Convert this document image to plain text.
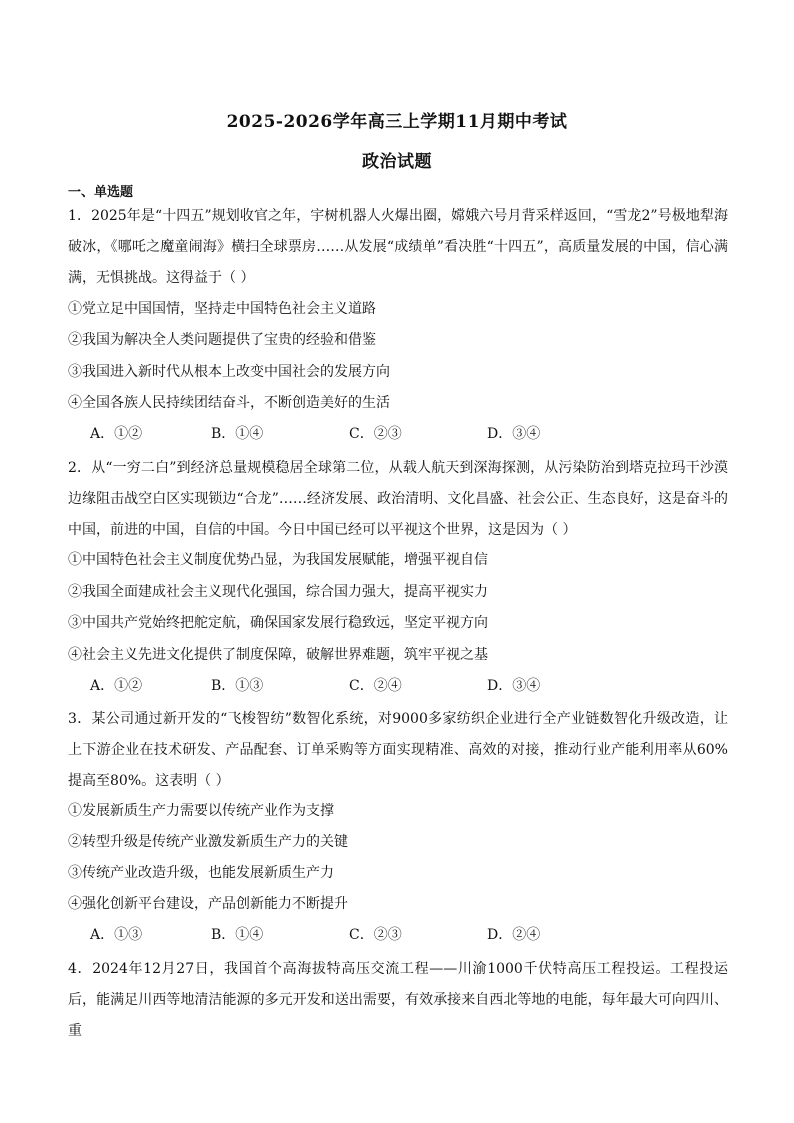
2025-2026学年高三上学期11月期中考试
政治试题
一、单选题
1．2025年是“十四五”规划收官之年，宇树机器人火爆出圈，嫦娥六号月背采样返回，“雪龙2”号极地犁海破冰，《哪吒之魔童闹海》横扫全球票房……从发展“成绩单”看决胜“十四五”，高质量发展的中国，信心满满，无惧挑战。这得益于（ ）
①党立足中国国情，坚持走中国特色社会主义道路
②我国为解决全人类问题提供了宝贵的经验和借鉴
③我国进入新时代从根本上改变中国社会的发展方向
④全国各族人民持续团结奋斗，不断创造美好的生活
A．①②	B．①④	C．②③	D．③④
2．从“一穷二白”到经济总量规模稳居全球第二位，从载人航天到深海探测，从污染防治到塔克拉玛干沙漠边缘阻击战空白区实现锁边“合龙”……经济发展、政治清明、文化昌盛、社会公正、生态良好，这是奋斗的中国，前进的中国，自信的中国。今日中国已经可以平视这个世界，这是因为（ ）
①中国特色社会主义制度优势凸显，为我国发展赋能，增强平视自信
②我国全面建成社会主义现代化强国，综合国力强大，提高平视实力
③中国共产党始终把舵定航，确保国家发展行稳致远，坚定平视方向
④社会主义先进文化提供了制度保障，破解世界难题，筑牢平视之基
A．①②	B．①③	C．②④	D．③④
3．某公司通过新开发的“飞梭智纺”数智化系统，对9000多家纺织企业进行全产业链数智化升级改造，让上下游企业在技术研发、产品配套、订单采购等方面实现精准、高效的对接，推动行业产能利用率从60%提高至80%。这表明（ ）
①发展新质生产力需要以传统产业作为支撑
②转型升级是传统产业激发新质生产力的关键
③传统产业改造升级，也能发展新质生产力
④强化创新平台建设，产品创新能力不断提升
A．①③	B．①④	C．②③	D．②④
4．2024年12月27日，我国首个高海拔特高压交流工程——川渝1000千伏特高压工程投运。工程投运后，能满足川西等地清洁能源的多元开发和送出需要，有效承接来自西北等地的电能，每年最大可向四川、重
